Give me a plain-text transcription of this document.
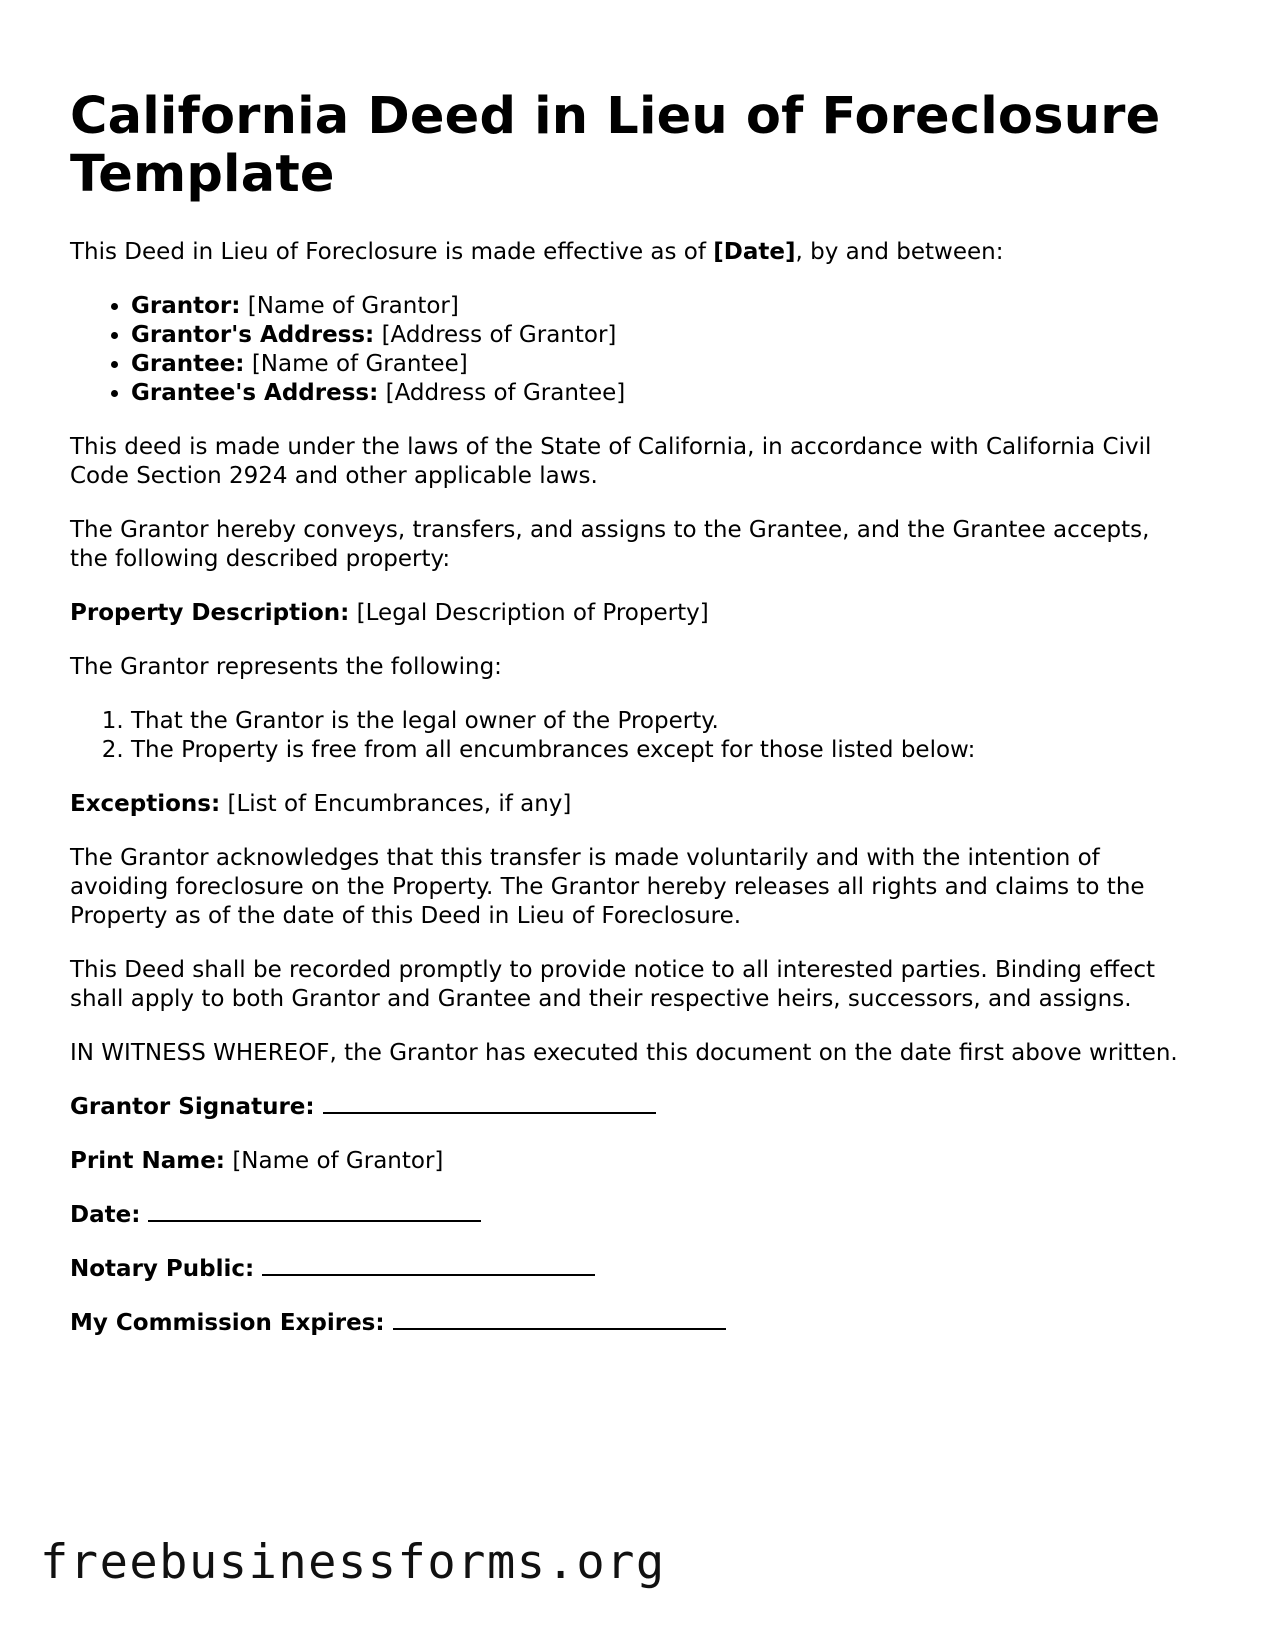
California Deed in Lieu of Foreclosure Template

This Deed in Lieu of Foreclosure is made effective as of [Date], by and between:

• Grantor: [Name of Grantor]
• Grantor's Address: [Address of Grantor]
• Grantee: [Name of Grantee]
• Grantee's Address: [Address of Grantee]

This deed is made under the laws of the State of California, in accordance with California Civil Code Section 2924 and other applicable laws.

The Grantor hereby conveys, transfers, and assigns to the Grantee, and the Grantee accepts, the following described property:

Property Description: [Legal Description of Property]

The Grantor represents the following:

1. That the Grantor is the legal owner of the Property.
2. The Property is free from all encumbrances except for those listed below:

Exceptions: [List of Encumbrances, if any]

The Grantor acknowledges that this transfer is made voluntarily and with the intention of avoiding foreclosure on the Property. The Grantor hereby releases all rights and claims to the Property as of the date of this Deed in Lieu of Foreclosure.

This Deed shall be recorded promptly to provide notice to all interested parties. Binding effect shall apply to both Grantor and Grantee and their respective heirs, successors, and assigns.

IN WITNESS WHEREOF, the Grantor has executed this document on the date first above written.

Grantor Signature:

Print Name: [Name of Grantor]

Date:

Notary Public:

My Commission Expires:

freebusinessforms.org
